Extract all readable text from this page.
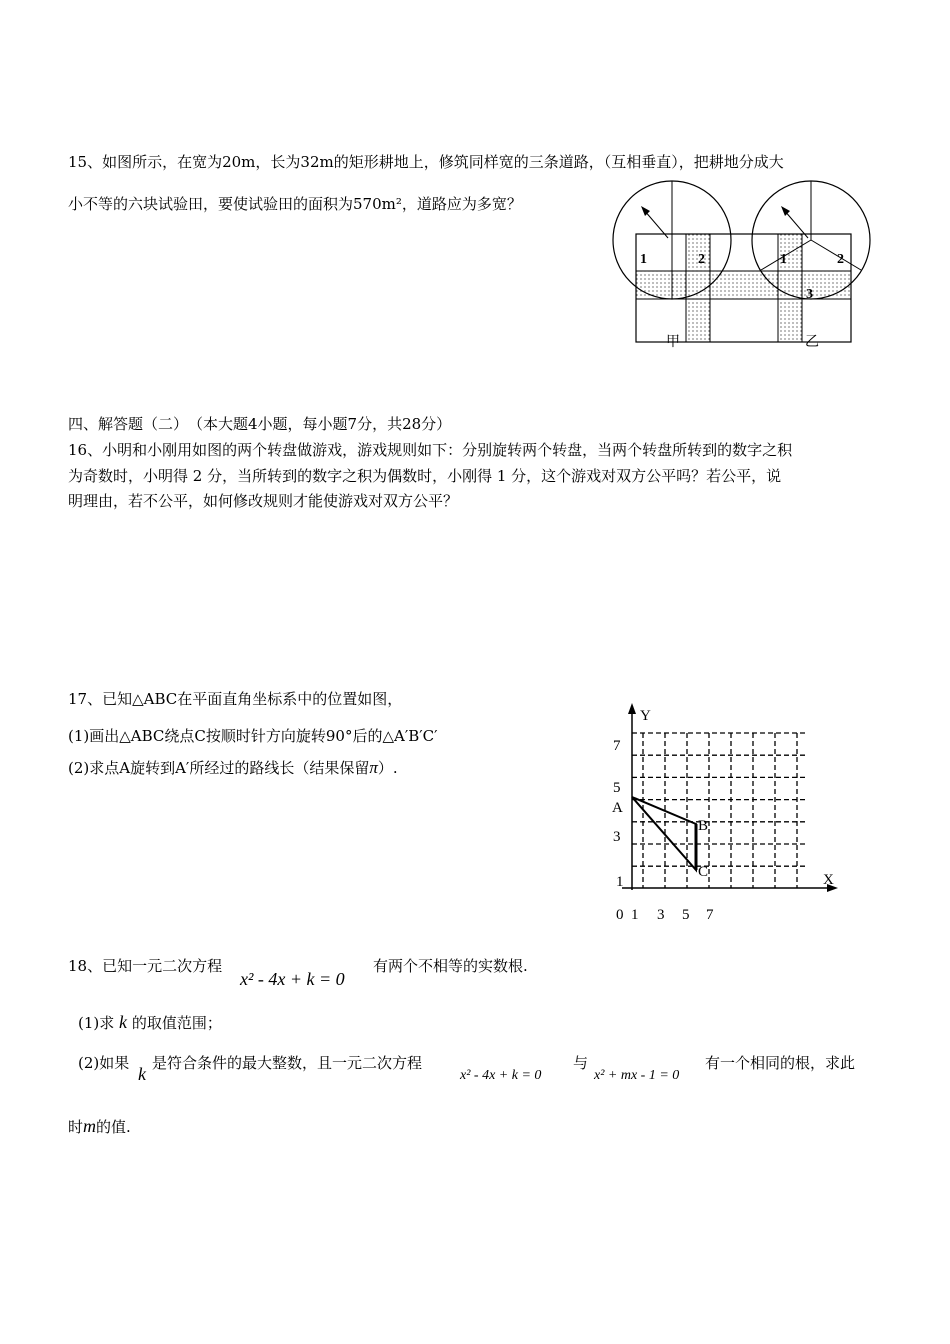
15、如图所示，在宽为20m，长为32m的矩形耕地上，修筑同样宽的三条道路，（互相垂直），把耕地分成大
小不等的六块试验田，要使试验田的面积为570m²，道路应为多宽？
1	2	1	2
3
甲	乙
四、解答题（二）　（本大题4小题，每小题7分，共28分）
16、小明和小刚用如图的两个转盘做游戏，游戏规则如下：分别旋转两个转盘，当两个转盘所转到的数字之积
为奇数时，小明得 2 分，当所转到的数字之积为偶数时，小刚得 1 分，这个游戏对双方公平吗？若公平，说
明理由，若不公平，如何修改规则才能使游戏对双方公平？
17、已知△ABC在平面直角坐标系中的位置如图，
(1)画出△ABC绕点C按顺时针方向旋转90°后的△A′B′C′
(2)求点A旋转到A′所经过的路线长（结果保留π）.
Y
X
7
5
3
1
0 1 3 5 7
A
B
C
18、已知一元二次方程
x² - 4x + k = 0
有两个不相等的实数根.
(1)求 k 的取值范围；
(2)如果
k
是符合条件的最大整数，且一元二次方程
x² - 4x + k = 0
与
x² + mx - 1 = 0
有一个相同的根，求此
时m的值.
